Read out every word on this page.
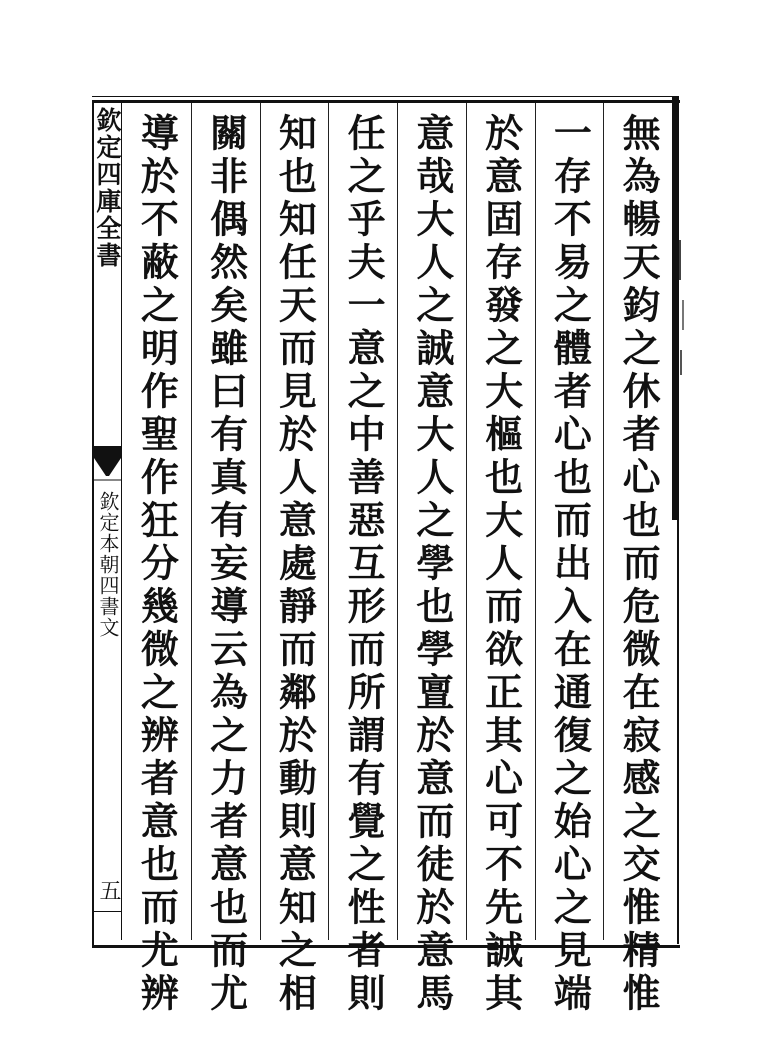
欽定四庫全書
欽定本朝四書文
五	無為暢天鈞之休者心也而危微在寂感之交惟精惟
一存不易之體者心也而出入在通復之始心之見端
於意固存發之大樞也大人而欲正其心可不先誠其
意哉大人之誠意大人之學也學亶於意而徒於意馬
任之乎夫一意之中善惡互形而所謂有覺之性者則
知也知任天而見於人意處靜而鄰於動則意知之相
關非偶然矣雖曰有真有妄導云為之力者意也而尤
導於不蔽之明作聖作狂分幾微之辨者意也而尤辨
